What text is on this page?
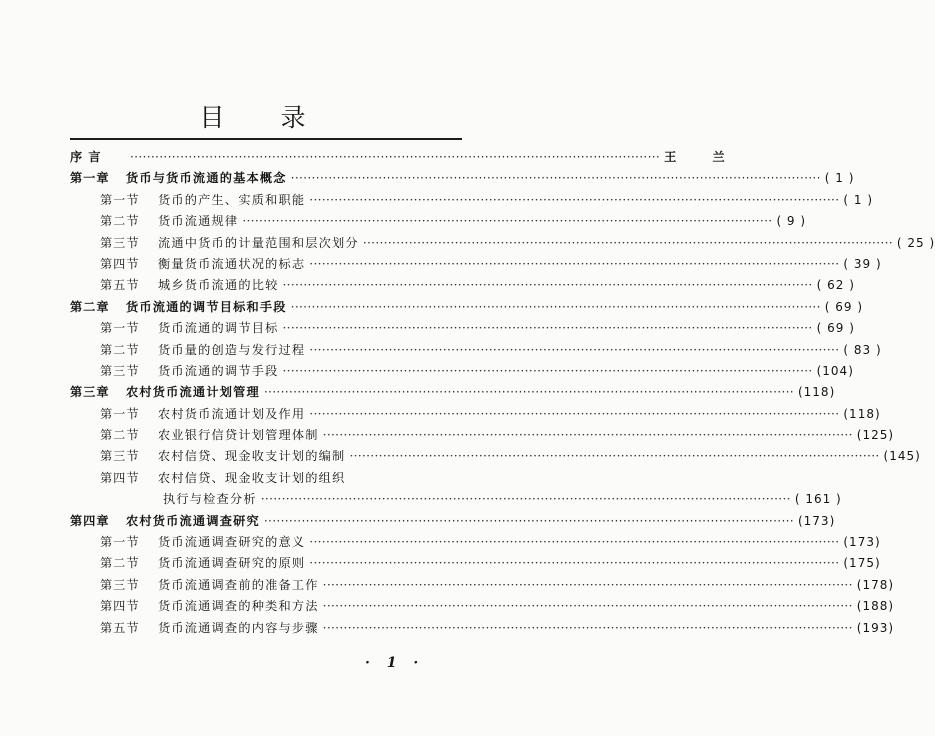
目 录
序 言 ·····	王 兰
第一章	货币与货币流通的基本概念 ·····	( 1 )
第一节	货币的产生、实质和职能 ·····	( 1 )
第二节	货币流通规律 ·····	( 9 )
第三节	流通中货币的计量范围和层次划分 ·····	( 25 )
第四节	衡量货币流通状况的标志 ·····	( 39 )
第五节	城乡货币流通的比较 ·····	( 62 )
第二章	货币流通的调节目标和手段 ·····	( 69 )
第一节	货币流通的调节目标 ·····	( 69 )
第二节	货币量的创造与发行过程 ·····	( 83 )
第三节	货币流通的调节手段 ·····	(104)
第三章	农村货币流通计划管理 ·····	(118)
第一节	农村货币流通计划及作用 ·····	(118)
第二节	农业银行信贷计划管理体制 ·····	(125)
第三节	农村信贷、现金收支计划的编制 ·····	(145)
第四节	农村信贷、现金收支计划的组织
执行与检查分析 ·····	( 161 )
第四章	农村货币流通调查研究 ·····	(173)
第一节	货币流通调查研究的意义 ·····	(173)
第二节	货币流通调查研究的原则 ·····	(175)
第三节	货币流通调查前的准备工作 ·····	(178)
第四节	货币流通调查的种类和方法 ·····	(188)
第五节	货币流通调查的内容与步骤 ·····	(193)
· 1 ·
